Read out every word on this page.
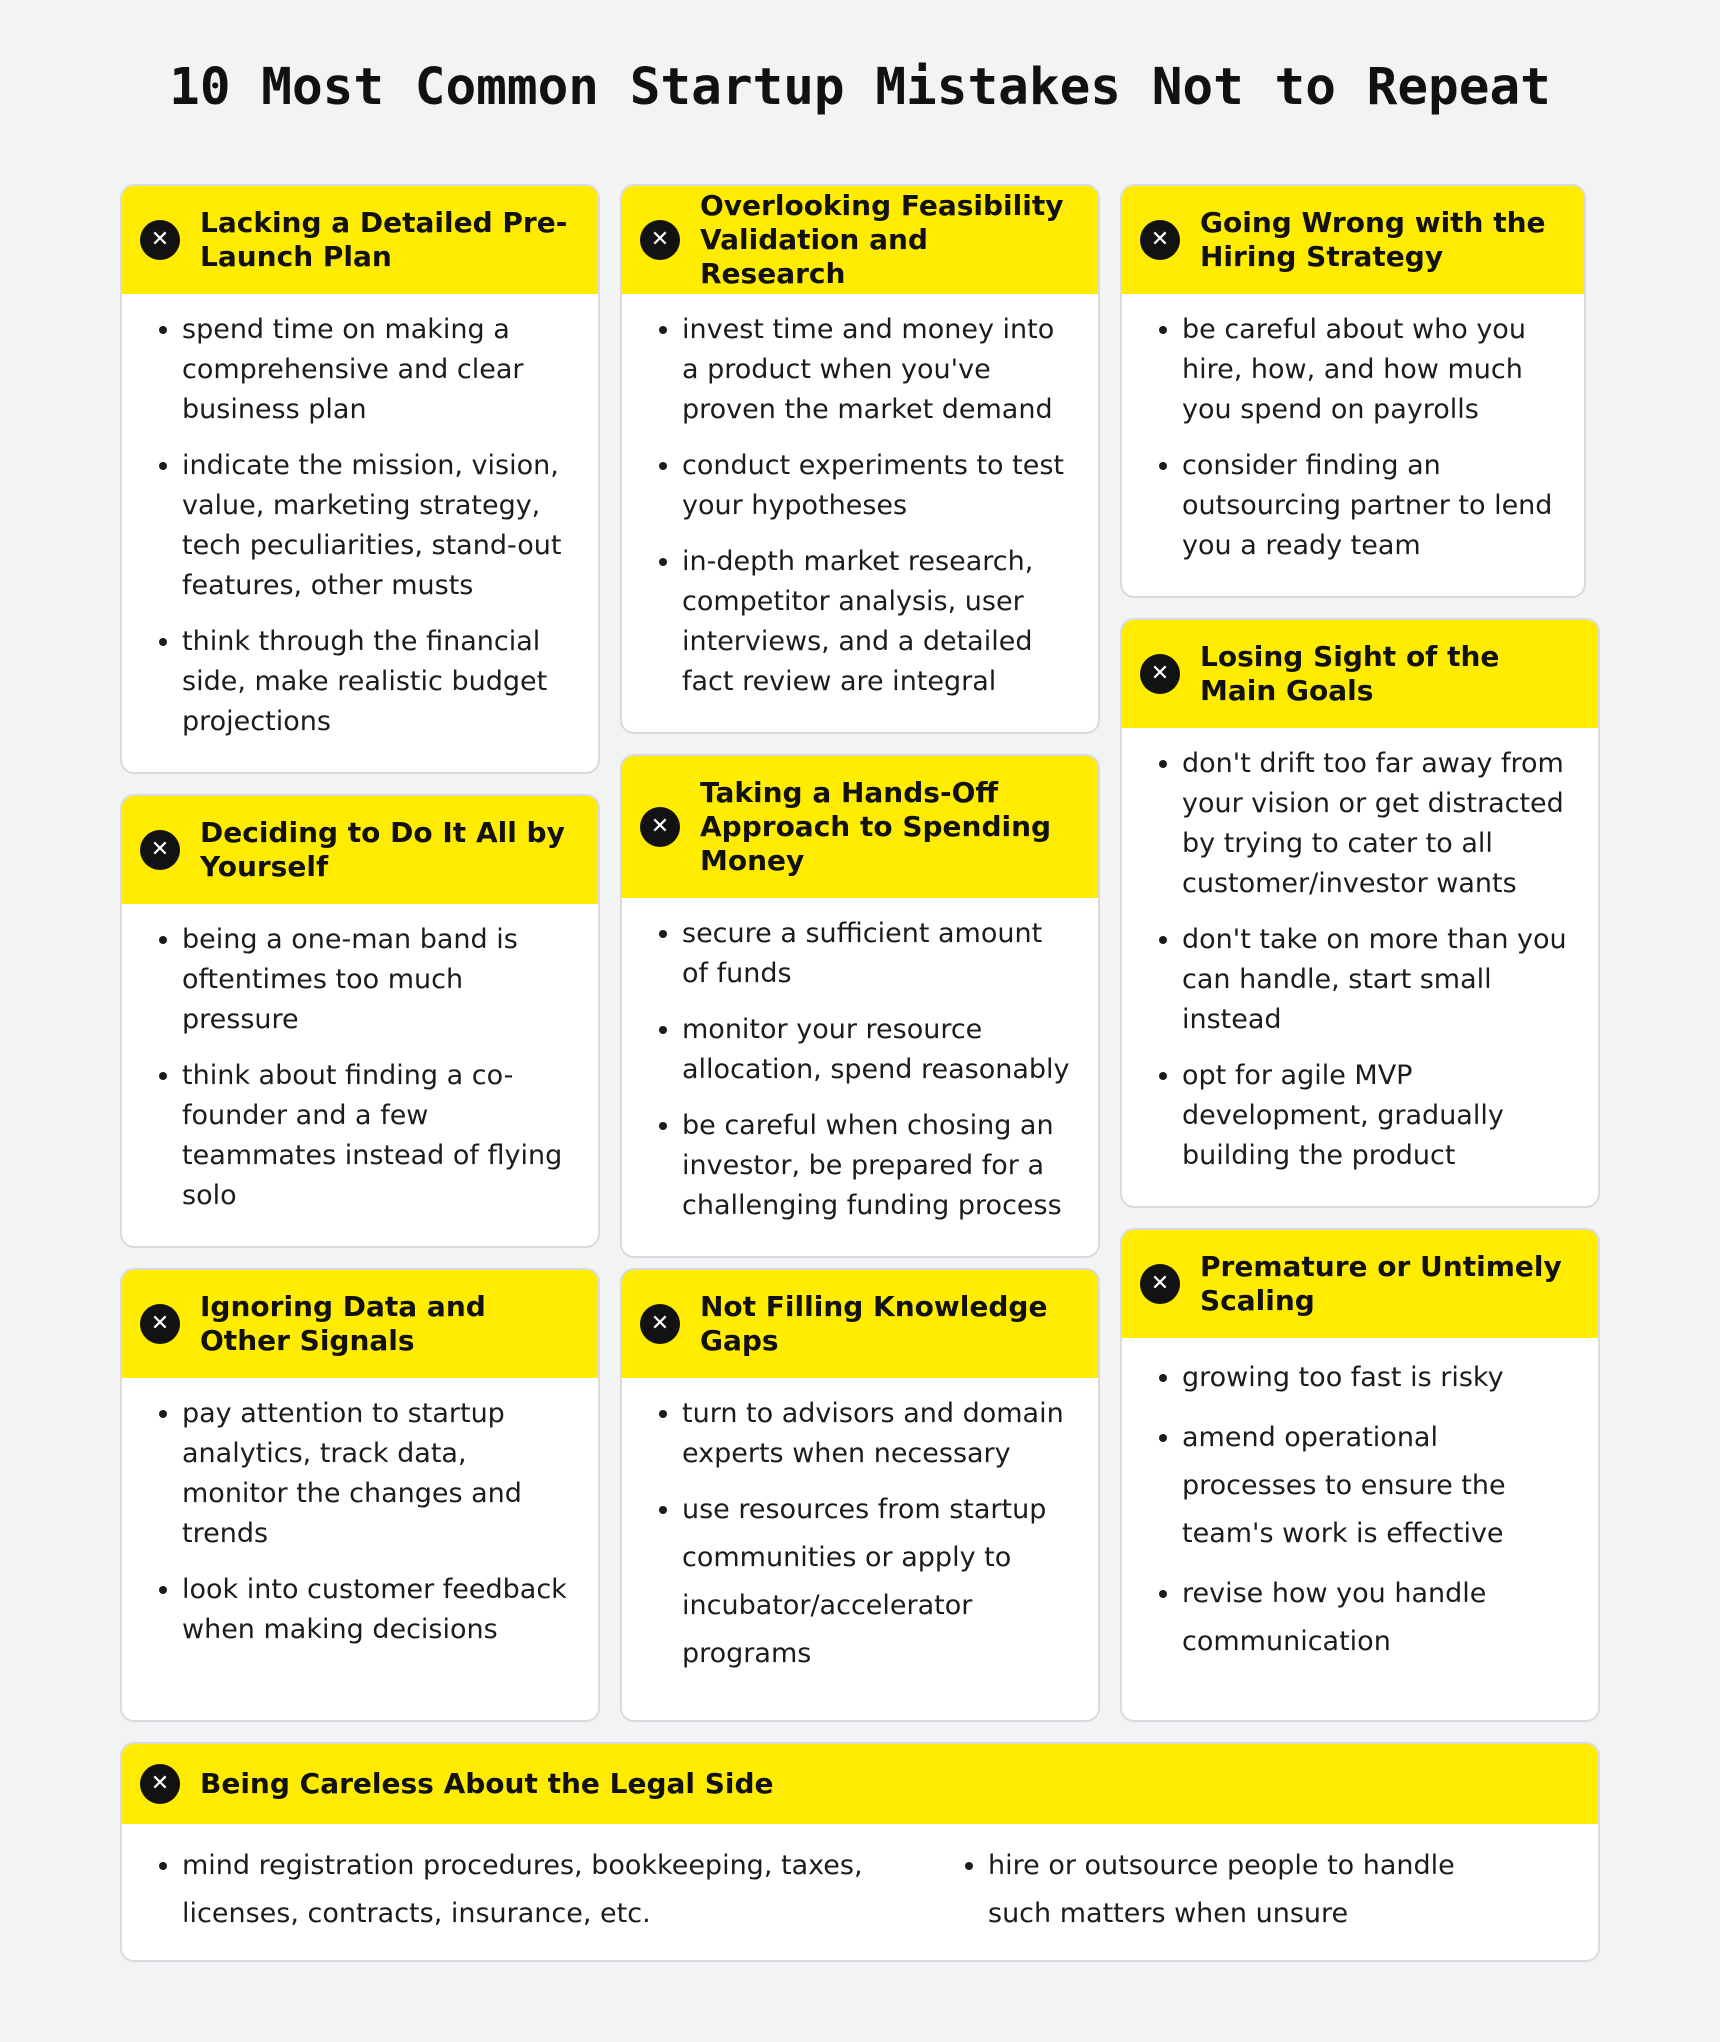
10 Most Common Startup Mistakes Not to Repeat
✕
Lacking a Detailed Pre-Launch Plan
• spend time on making a comprehensive and clear business plan
• indicate the mission, vision, value, marketing strategy, tech peculiarities, stand-out features, other musts
• think through the financial side, make realistic budget projections
✕
Overlooking Feasibility Validation and Research
• invest time and money into a product when you've proven the market demand
• conduct experiments to test your hypotheses
• in-depth market research, competitor analysis, user interviews, and a detailed fact review are integral
✕
Going Wrong with the Hiring Strategy
• be careful about who you hire, how, and how much you spend on payrolls
• consider finding an outsourcing partner to lend you a ready team
✕
Losing Sight of the Main Goals
• don't drift too far away from your vision or get distracted by trying to cater to all customer/investor wants
• don't take on more than you can handle, start small instead
• opt for agile MVP development, gradually building the product
✕
Deciding to Do It All by Yourself
• being a one-man band is oftentimes too much pressure
• think about finding a co-founder and a few teammates instead of flying solo
✕
Taking a Hands-Off Approach to Spending Money
• secure a sufficient amount of funds
• monitor your resource allocation, spend reasonably
• be careful when chosing an investor, be prepared for a challenging funding process
✕
Ignoring Data and Other Signals
• pay attention to startup analytics, track data, monitor the changes and trends
• look into customer feedback when making decisions
✕
Not Filling Knowledge Gaps
• turn to advisors and domain experts when necessary
• use resources from startup communities or apply to incubator/accelerator programs
✕
Premature or Untimely Scaling
• growing too fast is risky
• amend operational processes to ensure the team's work is effective
• revise how you handle communication
✕	Being Careless About the Legal Side
• mind registration procedures, bookkeeping, taxes, licenses, contracts, insurance, etc.
• hire or outsource people to handle such matters when unsure
